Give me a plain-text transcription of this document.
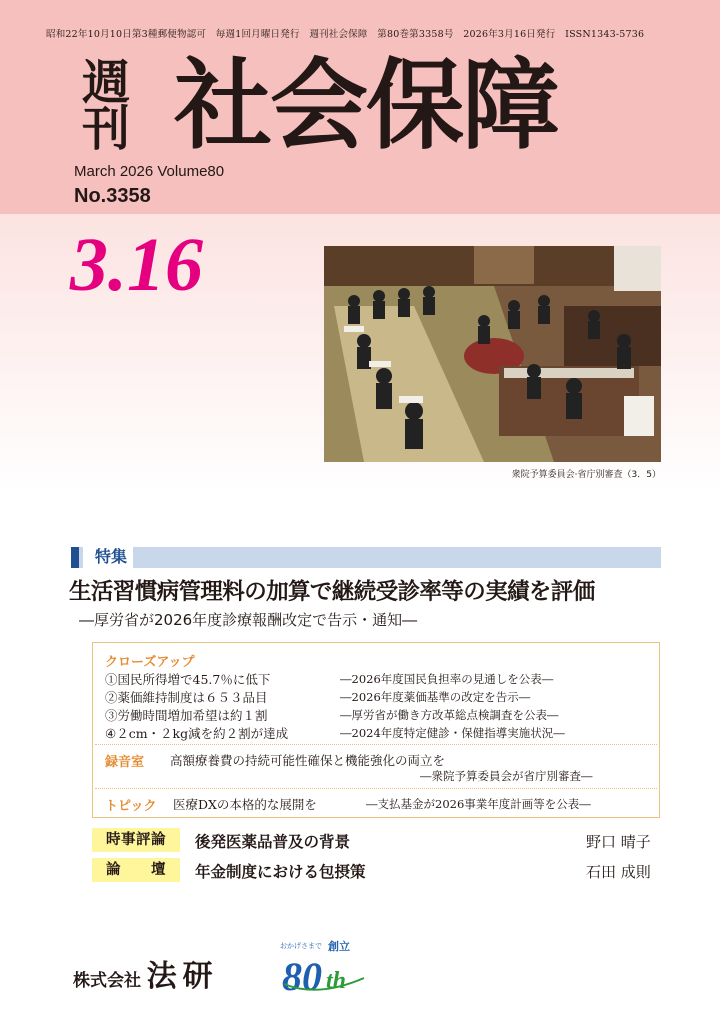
昭和22年10月10日第3種郵便物認可　毎週1回月曜日発行　週刊社会保障　第80巻第3358号　2026年3月16日発行　ISSN1343-5736
週
刊 社会保障
March 2026 Volume80
No.3358
3.16
衆院予算委員会·省庁別審査（3．5）
特集
生活習慣病管理料の加算で継続受診率等の実績を評価
―厚労省が2026年度診療報酬改定で告示・通知―
クローズアップ
①国民所得増で45.7％に低下	―2026年度国民負担率の見通しを公表―
②薬価維持制度は６５３品目	―2026年度薬価基準の改定を告示―
③労働時間増加希望は約１割	―厚労省が働き方改革総点検調査を公表―
④２cm・２kg減を約２割が達成	―2024年度特定健診・保健指導実施状況―
録音室 高額療養費の持続可能性確保と機能強化の両立を
―衆院予算委員会が省庁別審査―
トピック 医療DXの本格的な展開を	―支払基金が2026事業年度計画等を公表―
時事評論	後発医薬品普及の背景	野口 晴子
論　　壇	年金制度における包摂策	石田 成則
株式会社 法研
おかげさまで 創立
80 th
